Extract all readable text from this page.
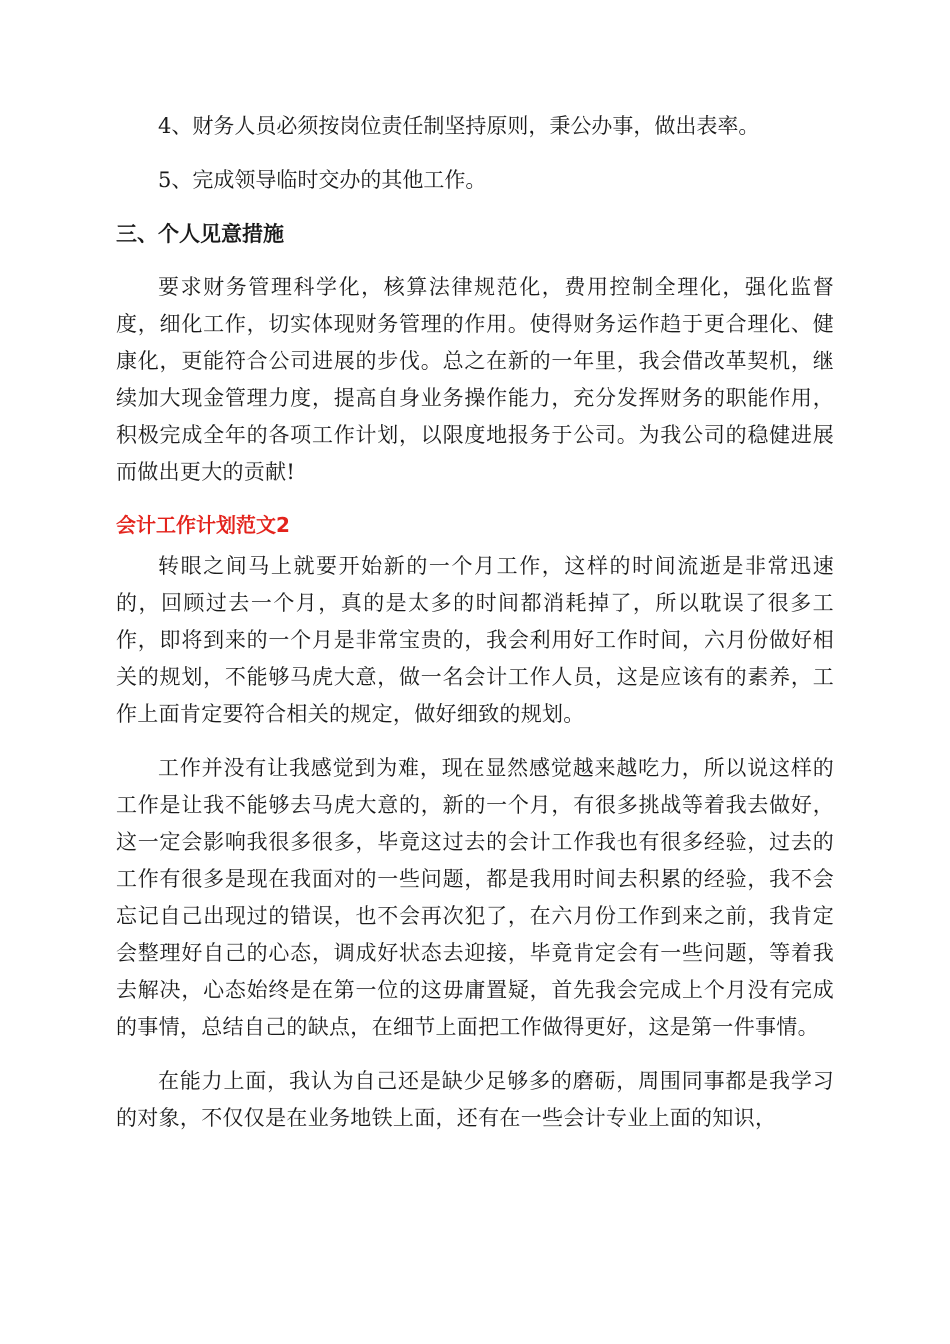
4、财务人员必须按岗位责任制坚持原则，秉公办事，做出表率。

5、完成领导临时交办的其他工作。

三、个人见意措施

要求财务管理科学化，核算法律规范化，费用控制全理化，强化监督度，细化工作，切实体现财务管理的作用。使得财务运作趋于更合理化、健康化，更能符合公司进展的步伐。总之在新的一年里，我会借改革契机，继续加大现金管理力度，提高自身业务操作能力，充分发挥财务的职能作用，积极完成全年的各项工作计划，以限度地报务于公司。为我公司的稳健进展而做出更大的贡献!

会计工作计划范文2

转眼之间马上就要开始新的一个月工作，这样的时间流逝是非常迅速的，回顾过去一个月，真的是太多的时间都消耗掉了，所以耽误了很多工作，即将到来的一个月是非常宝贵的，我会利用好工作时间，六月份做好相关的规划，不能够马虎大意，做一名会计工作人员，这是应该有的素养，工作上面肯定要符合相关的规定，做好细致的规划。

工作并没有让我感觉到为难，现在显然感觉越来越吃力，所以说这样的工作是让我不能够去马虎大意的，新的一个月，有很多挑战等着我去做好，这一定会影响我很多很多，毕竟这过去的会计工作我也有很多经验，过去的工作有很多是现在我面对的一些问题，都是我用时间去积累的经验，我不会忘记自己出现过的错误，也不会再次犯了，在六月份工作到来之前，我肯定会整理好自己的心态，调成好状态去迎接，毕竟肯定会有一些问题，等着我去解决，心态始终是在第一位的这毋庸置疑，首先我会完成上个月没有完成的事情，总结自己的缺点，在细节上面把工作做得更好，这是第一件事情。

在能力上面，我认为自己还是缺少足够多的磨砺，周围同事都是我学习的对象，不仅仅是在业务地铁上面，还有在一些会计专业上面的知识，
